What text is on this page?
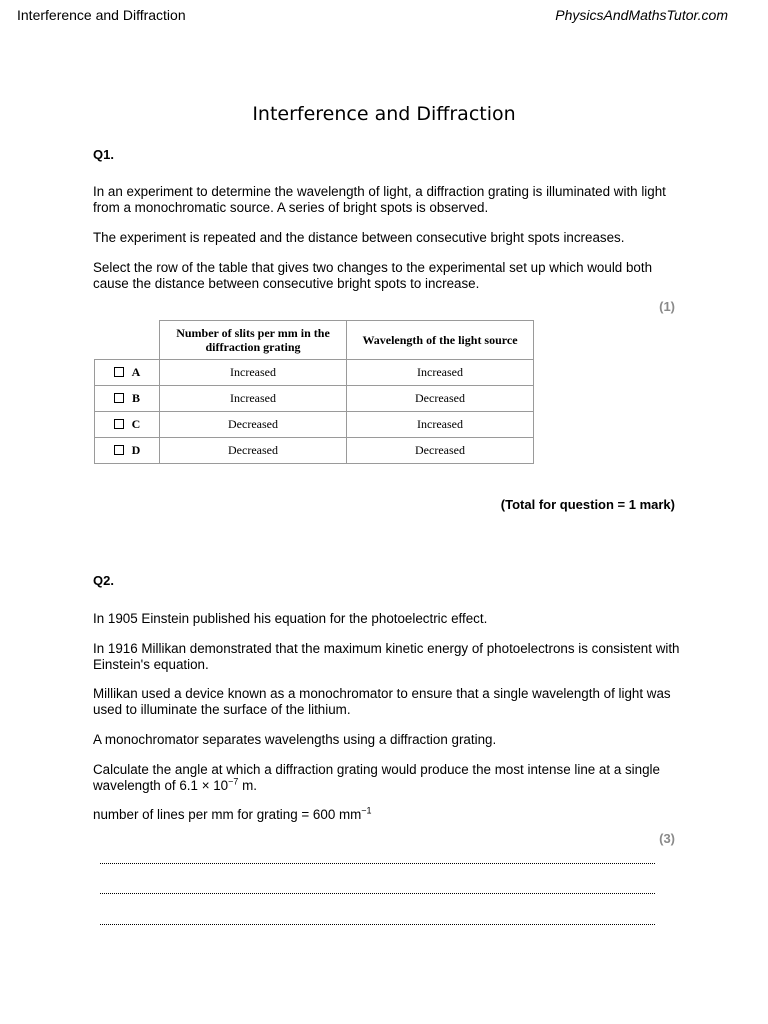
Interference and Diffraction	PhysicsAndMathsTutor.com
Interference and Diffraction
Q1.
In an experiment to determine the wavelength of light, a diffraction grating is illuminated with light from a monochromatic source. A series of bright spots is observed.
The experiment is repeated and the distance between consecutive bright spots increases.
Select the row of the table that gives two changes to the experimental set up which would both cause the distance between consecutive bright spots to increase.
(1)
	Number of slits per mm in the diffraction grating	Wavelength of the light source
A	Increased	Increased
B	Increased	Decreased
C	Decreased	Increased
D	Decreased	Decreased
(Total for question = 1 mark)
Q2.
In 1905 Einstein published his equation for the photoelectric effect.
In 1916 Millikan demonstrated that the maximum kinetic energy of photoelectrons is consistent with Einstein's equation.
Millikan used a device known as a monochromator to ensure that a single wavelength of light was used to illuminate the surface of the lithium.
A monochromator separates wavelengths using a diffraction grating.
Calculate the angle at which a diffraction grating would produce the most intense line at a single wavelength of $6.1 \times 10^{-7}$ m.
number of lines per mm for grating = 600 $mm^{-1}$
(3)
